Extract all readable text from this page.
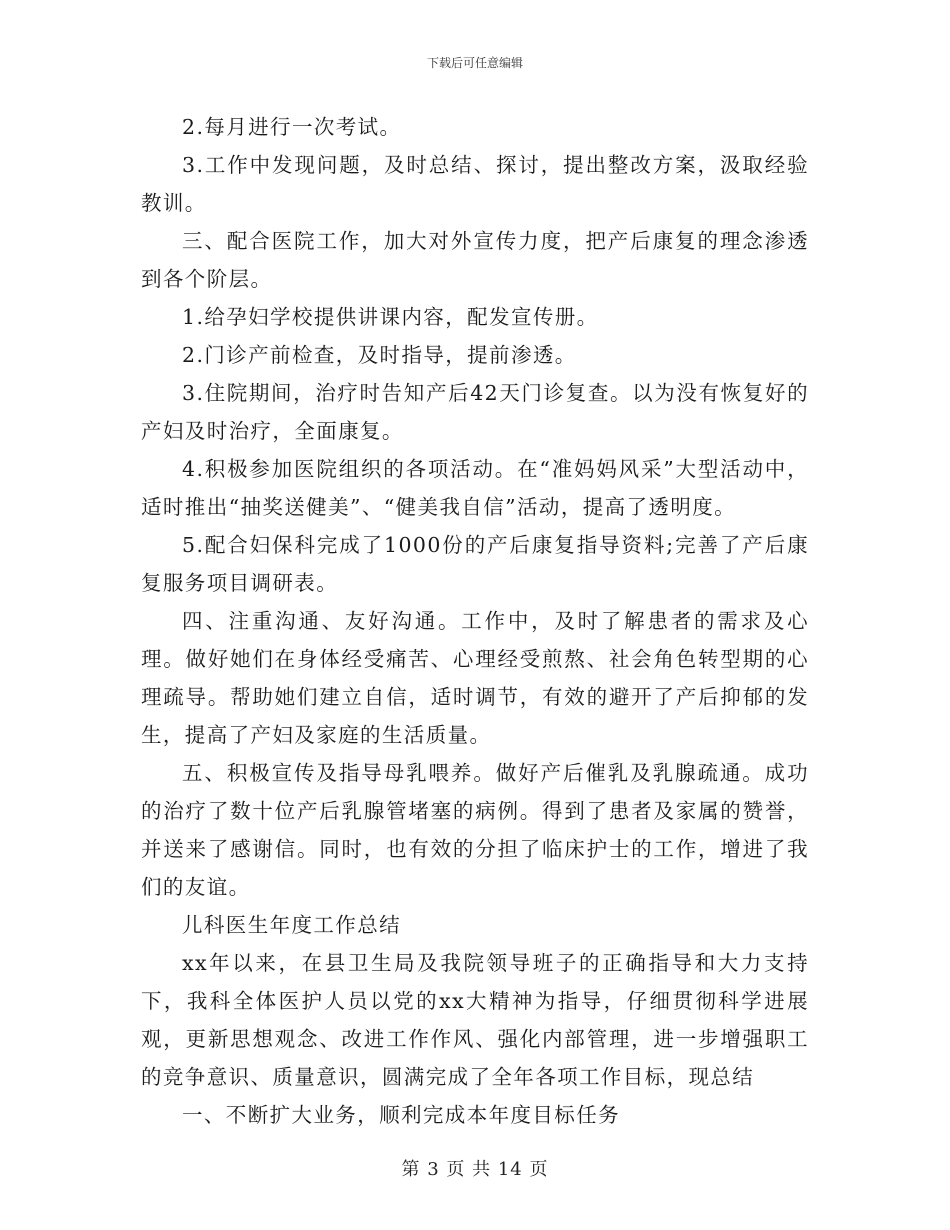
下载后可任意编辑

2.每月进行一次考试。

3.工作中发现问题，及时总结、探讨，提出整改方案，汲取经验教训。

三、配合医院工作，加大对外宣传力度，把产后康复的理念渗透到各个阶层。

1.给孕妇学校提供讲课内容，配发宣传册。

2.门诊产前检查，及时指导，提前渗透。

3.住院期间，治疗时告知产后42天门诊复查。以为没有恢复好的产妇及时治疗，全面康复。

4.积极参加医院组织的各项活动。在“准妈妈风采”大型活动中，适时推出“抽奖送健美”、“健美我自信”活动，提高了透明度。

5.配合妇保科完成了1000份的产后康复指导资料;完善了产后康复服务项目调研表。

四、注重沟通、友好沟通。工作中，及时了解患者的需求及心理。做好她们在身体经受痛苦、心理经受煎熬、社会角色转型期的心理疏导。帮助她们建立自信，适时调节，有效的避开了产后抑郁的发生，提高了产妇及家庭的生活质量。

五、积极宣传及指导母乳喂养。做好产后催乳及乳腺疏通。成功的治疗了数十位产后乳腺管堵塞的病例。得到了患者及家属的赞誉，并送来了感谢信。同时，也有效的分担了临床护士的工作，增进了我们的友谊。

儿科医生年度工作总结

xx年以来，在县卫生局及我院领导班子的正确指导和大力支持下，我科全体医护人员以党的xx大精神为指导，仔细贯彻科学进展观，更新思想观念、改进工作作风、强化内部管理，进一步增强职工的竞争意识、质量意识，圆满完成了全年各项工作目标，现总结

一、不断扩大业务，顺利完成本年度目标任务

第 3 页 共 14 页
